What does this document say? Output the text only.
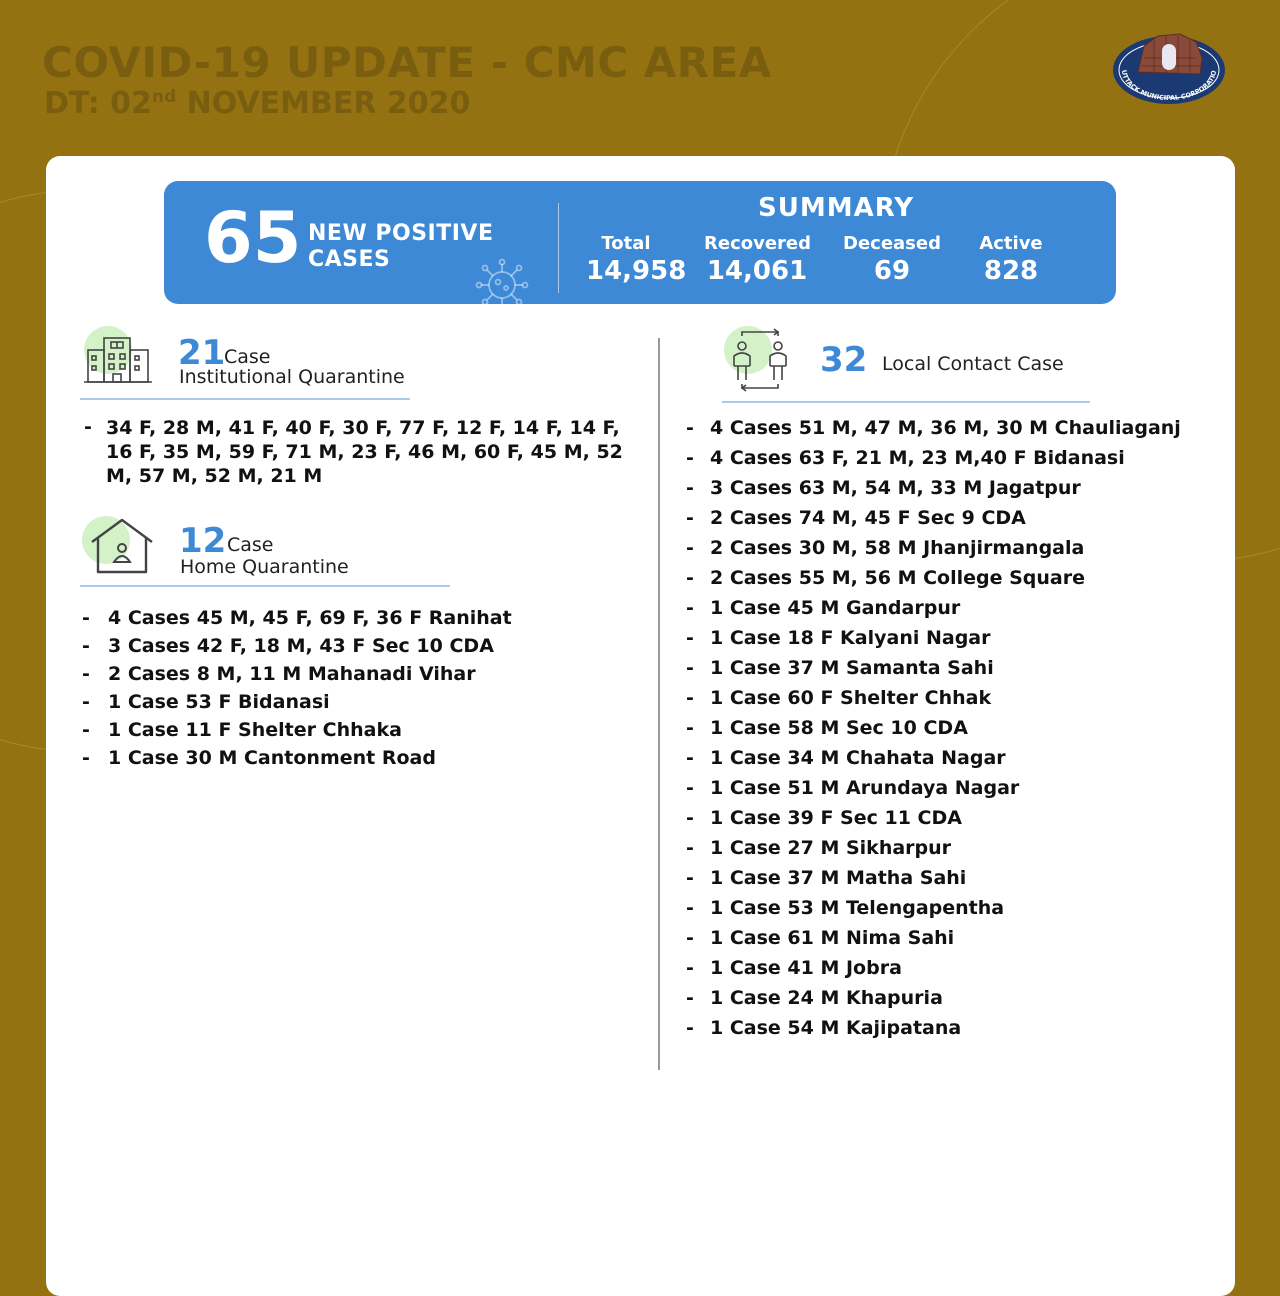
COVID-19 UPDATE - CMC AREA
DT: 02nd NOVEMBER 2020
UTTACK MUNICIPAL CORPORATIO
65 NEW POSITIVE
CASES
SUMMARY
Total
14,958
Recovered
14,061
Deceased
69
Active
828
21
Case
Institutional Quarantine
- 34 F, 28 M, 41 F, 40 F, 30 F, 77 F, 12 F, 14 F, 14 F, 16 F, 35 M, 59 F, 71 M, 23 F, 46 M, 60 F, 45 M, 52 M, 57 M, 52 M, 21 M
12 Case
Home Quarantine
- 4 Cases 45 M, 45 F, 69 F, 36 F Ranihat
- 3 Cases 42 F, 18 M, 43 F Sec 10 CDA
- 2 Cases 8 M, 11 M Mahanadi Vihar
- 1 Case 53 F Bidanasi
- 1 Case 11 F Shelter Chhaka
- 1 Case 30 M Cantonment Road
32 Local Contact Case
- 4 Cases 51 M, 47 M, 36 M, 30 M Chauliaganj
- 4 Cases 63 F, 21 M, 23 M,40 F Bidanasi
- 3 Cases 63 M, 54 M, 33 M Jagatpur
- 2 Cases 74 M, 45 F Sec 9 CDA
- 2 Cases 30 M, 58 M Jhanjirmangala
- 2 Cases 55 M, 56 M College Square
- 1 Case 45 M Gandarpur
- 1 Case 18 F Kalyani Nagar
- 1 Case 37 M Samanta Sahi
- 1 Case 60 F Shelter Chhak
- 1 Case 58 M Sec 10 CDA
- 1 Case 34 M Chahata Nagar
- 1 Case 51 M Arundaya Nagar
- 1 Case 39 F Sec 11 CDA
- 1 Case 27 M Sikharpur
- 1 Case 37 M Matha Sahi
- 1 Case 53 M Telengapentha
- 1 Case 61 M Nima Sahi
- 1 Case 41 M Jobra
- 1 Case 24 M Khapuria
- 1 Case 54 M Kajipatana
